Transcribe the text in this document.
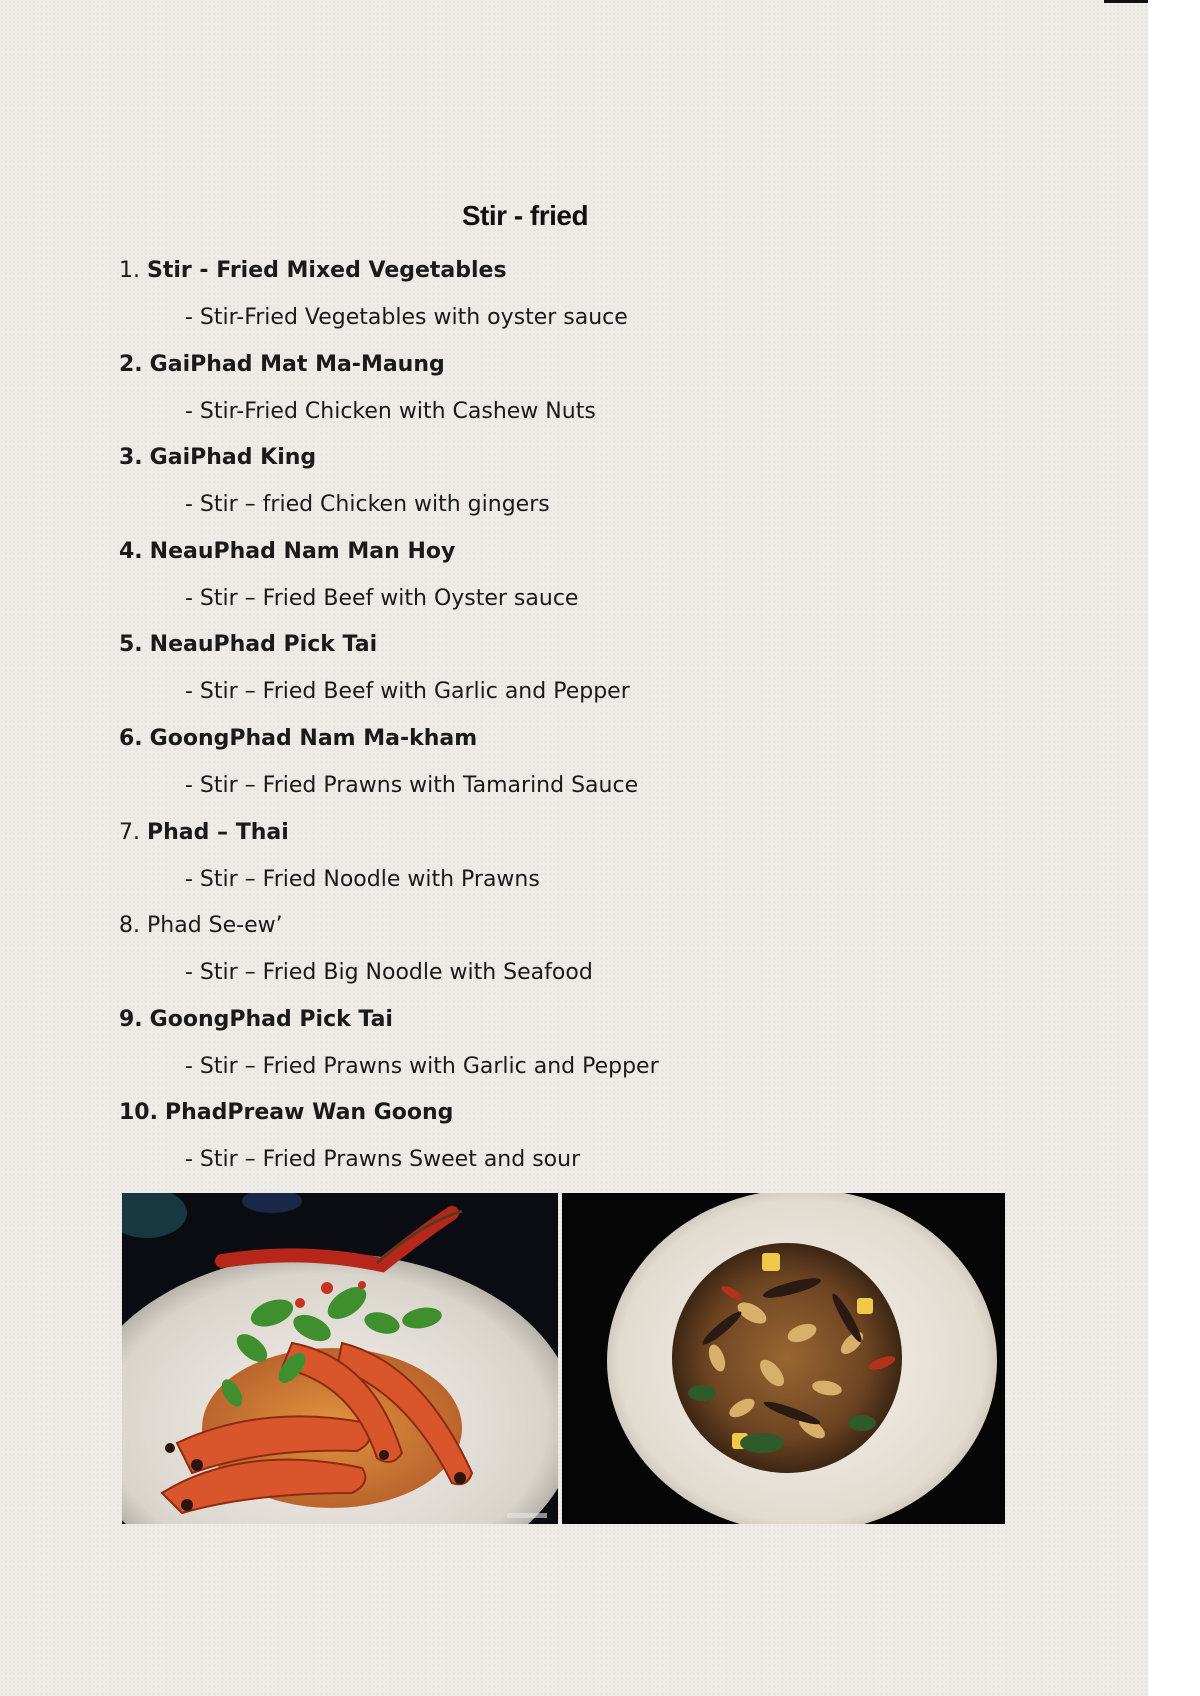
Stir - fried
1. Stir - Fried Mixed Vegetables
- Stir-Fried Vegetables with oyster sauce
2. GaiPhad Mat Ma-Maung
- Stir-Fried Chicken with Cashew Nuts
3. GaiPhad King
- Stir – fried Chicken with gingers
4. NeauPhad Nam Man Hoy
- Stir – Fried Beef with Oyster sauce
5. NeauPhad Pick Tai
- Stir – Fried Beef with Garlic and Pepper
6. GoongPhad Nam Ma-kham
- Stir – Fried Prawns with Tamarind Sauce
7. Phad – Thai
- Stir – Fried Noodle with Prawns
8. Phad Se-ew’
- Stir – Fried Big Noodle with Seafood
9. GoongPhad Pick Tai
- Stir – Fried Prawns with Garlic and Pepper
10. PhadPreaw Wan Goong
- Stir – Fried Prawns Sweet and sour
